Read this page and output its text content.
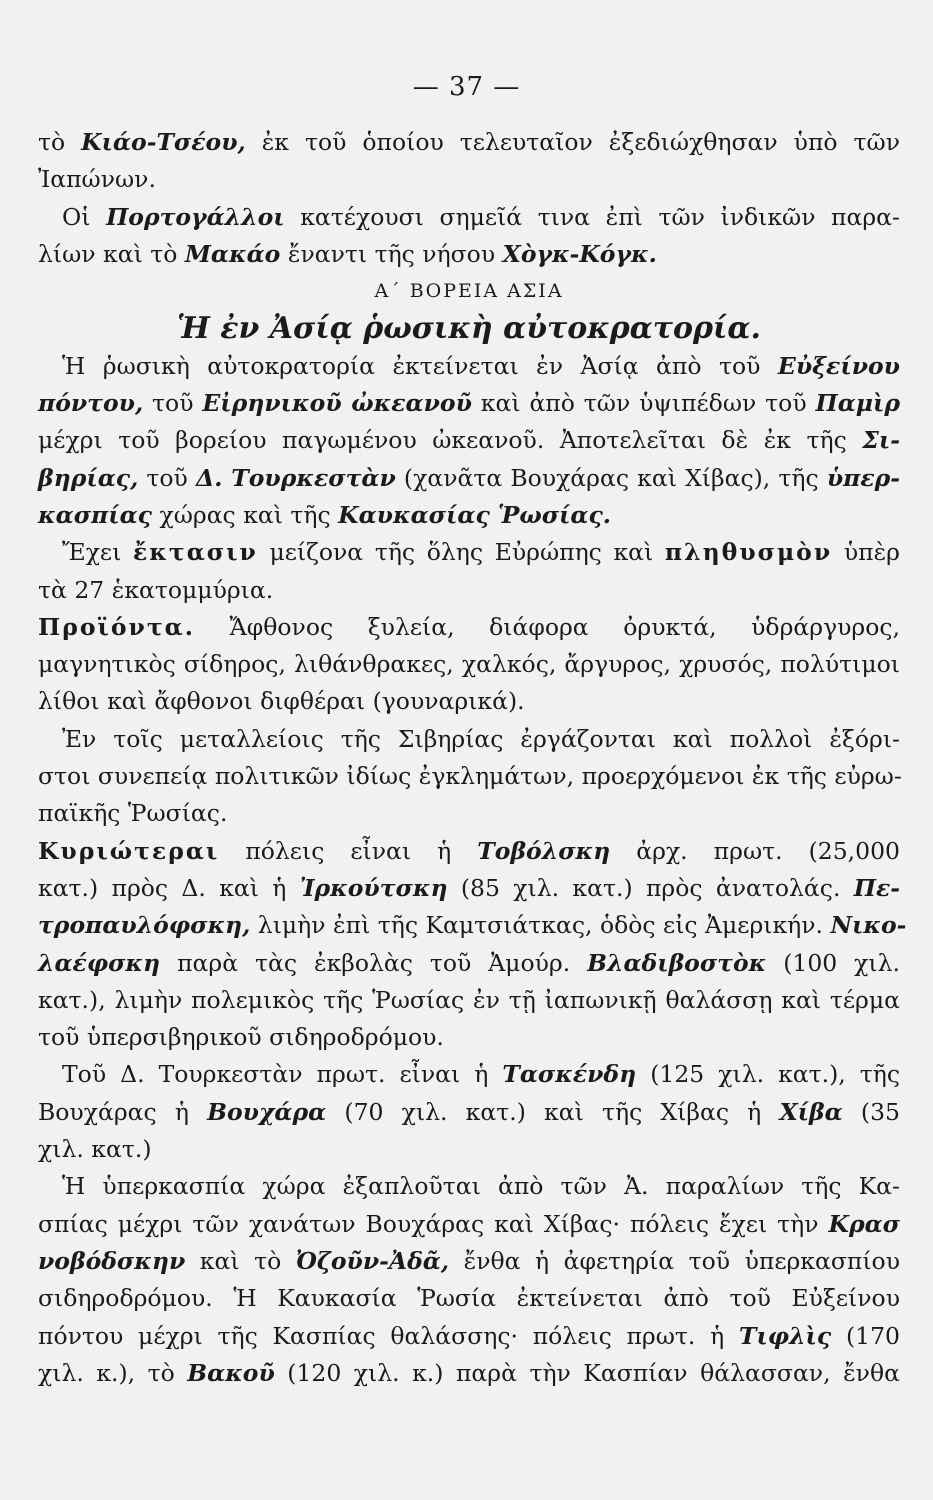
— 37 —
τὸ Κιάο-Τσέου, ἐκ τοῦ ὁποίου τελευταῖον ἐξεδιώχθησαν ὑπὸ τῶν
Ἰαπώνων.
Οἱ Πορτογάλλοι κατέχουσι σημεῖά τινα ἐπὶ τῶν ἰνδικῶν παρα-
λίων καὶ τὸ Μακάο ἔναντι τῆς νήσου Χὸγκ-Κόγκ.
Α΄ ΒΟΡΕΙΑ ΑΣΙΑ
Ἡ ἐν Ἀσίᾳ ῥωσικὴ αὐτοκρατορία.
Ἡ ῥωσικὴ αὐτοκρατορία ἐκτείνεται ἐν Ἀσίᾳ ἀπὸ τοῦ Εὐξείνου
πόντου, τοῦ Εἰρηνικοῦ ὠκεανοῦ καὶ ἀπὸ τῶν ὑψιπέδων τοῦ Παμὶρ
μέχρι τοῦ βορείου παγωμένου ὠκεανοῦ. Ἀποτελεῖται δὲ ἐκ τῆς Σι-
βηρίας, τοῦ Δ. Τουρκεστὰν (χανᾶτα Βουχάρας καὶ Χίβας), τῆς ὑπερ-
κασπίας χώρας καὶ τῆς Καυκασίας Ῥωσίας.
Ἔχει ἔκτασιν μείζονα τῆς ὅλης Εὐρώπης καὶ πληθυσμὸν ὑπὲρ
τὰ 27 ἑκατομμύρια.
Προϊόντα. Ἄφθονος ξυλεία, διάφορα ὀρυκτά, ὑδράργυρος,
μαγνητικὸς σίδηρος, λιθάνθρακες, χαλκός, ἄργυρος, χρυσός, πολύτιμοι
λίθοι καὶ ἄφθονοι διφθέραι (γουναρικά).
Ἐν τοῖς μεταλλείοις τῆς Σιβηρίας ἐργάζονται καὶ πολλοὶ ἐξόρι-
στοι συνεπείᾳ πολιτικῶν ἰδίως ἐγκλημάτων, προερχόμενοι ἐκ τῆς εὐρω-
παϊκῆς Ῥωσίας.
Κυριώτεραι πόλεις εἶναι ἡ Τοβόλσκη ἀρχ. πρωτ. (25,000
κατ.) πρὸς Δ. καὶ ἡ Ἰρκούτσκη (85 χιλ. κατ.) πρὸς ἀνατολάς. Πε-
τροπαυλόφσκη, λιμὴν ἐπὶ τῆς Καμτσιάτκας, ὁδὸς εἰς Ἀμερικήν. Νικο-
λαέφσκη παρὰ τὰς ἐκβολὰς τοῦ Ἀμούρ. Βλαδιβοστὸκ (100 χιλ.
κατ.), λιμὴν πολεμικὸς τῆς Ῥωσίας ἐν τῇ ἰαπωνικῇ θαλάσσῃ καὶ τέρμα
τοῦ ὑπερσιβηρικοῦ σιδηροδρόμου.
Τοῦ Δ. Τουρκεστὰν πρωτ. εἶναι ἡ Τασκένδη (125 χιλ. κατ.), τῆς
Βουχάρας ἡ Βουχάρα (70 χιλ. κατ.) καὶ τῆς Χίβας ἡ Χίβα (35
χιλ. κατ.)
Ἡ ὑπερκασπία χώρα ἐξαπλοῦται ἀπὸ τῶν Ἀ. παραλίων τῆς Κα-
σπίας μέχρι τῶν χανάτων Βουχάρας καὶ Χίβας· πόλεις ἔχει τὴν Κρασ
νοβόδσκην καὶ τὸ Ὀζοῦν-Ἀδᾶ, ἔνθα ἡ ἀφετηρία τοῦ ὑπερκασπίου
σιδηροδρόμου. Ἡ Καυκασία Ῥωσία ἐκτείνεται ἀπὸ τοῦ Εὐξείνου
πόντου μέχρι τῆς Κασπίας θαλάσσης· πόλεις πρωτ. ἡ Τιφλὶς (170
χιλ. κ.), τὸ Βακοῦ (120 χιλ. κ.) παρὰ τὴν Κασπίαν θάλασσαν, ἔνθα
